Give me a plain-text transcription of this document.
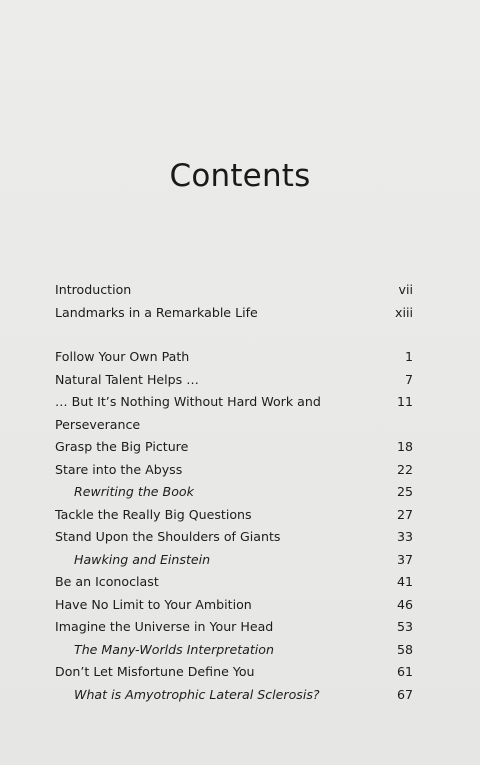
Contents
Introduction	vii
Landmarks in a Remarkable Life	xiii
Follow Your Own Path	1
Natural Talent Helps …	7
… But It’s Nothing Without Hard Work and	11
Perseverance
Grasp the Big Picture	18
Stare into the Abyss	22
Rewriting the Book	25
Tackle the Really Big Questions	27
Stand Upon the Shoulders of Giants	33
Hawking and Einstein	37
Be an Iconoclast	41
Have No Limit to Your Ambition	46
Imagine the Universe in Your Head	53
The Many-Worlds Interpretation	58
Don’t Let Misfortune Define You	61
What is Amyotrophic Lateral Sclerosis?	67
